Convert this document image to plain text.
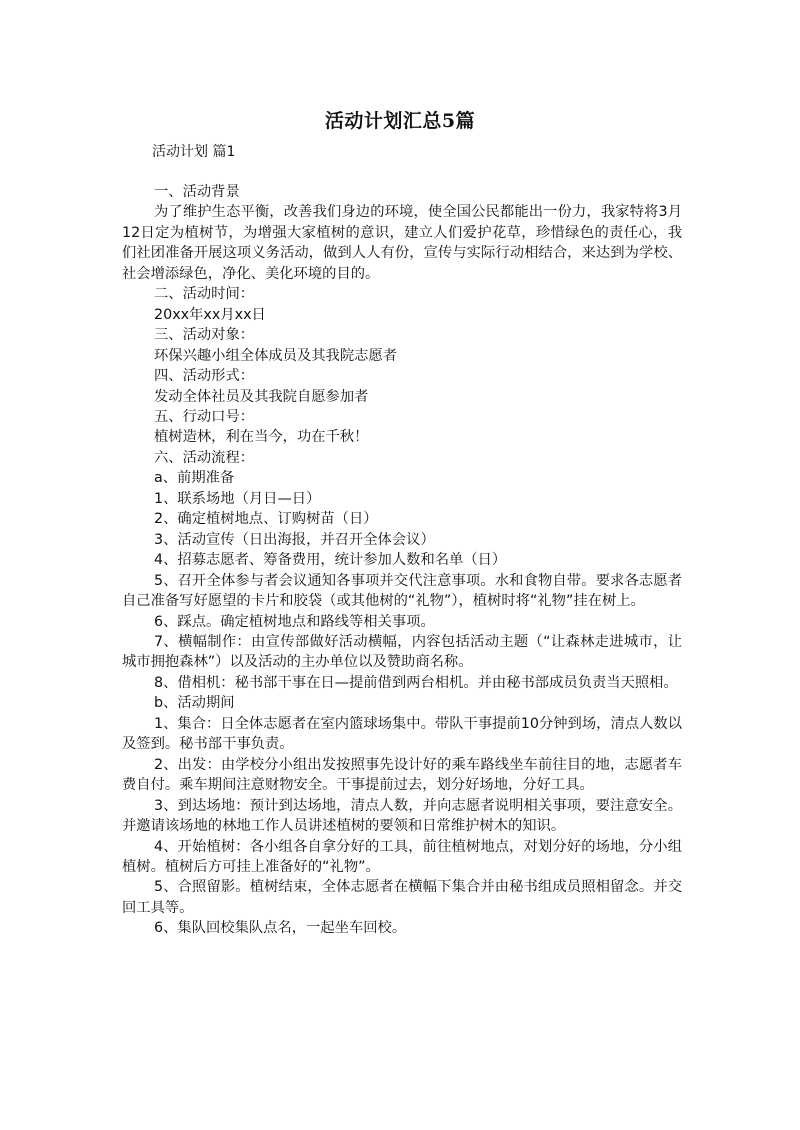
活动计划汇总5篇
活动计划 篇1

一、活动背景

为了维护生态平衡，改善我们身边的环境，使全国公民都能出一份力，我家特将3月12日定为植树节，为增强大家植树的意识，建立人们爱护花草，珍惜绿色的责任心，我们社团准备开展这项义务活动，做到人人有份，宣传与实际行动相结合，来达到为学校、社会增添绿色，净化、美化环境的目的。

二、活动时间：

20xx年xx月xx日

三、活动对象：

环保兴趣小组全体成员及其我院志愿者

四、活动形式：

发动全体社员及其我院自愿参加者

五、行动口号：

植树造林，利在当今，功在千秋！

六、活动流程：

a、前期准备

1、联系场地（月日—日）

2、确定植树地点、订购树苗（日）

3、活动宣传（日出海报，并召开全体会议）

4、招募志愿者、筹备费用，统计参加人数和名单（日）

5、召开全体参与者会议通知各事项并交代注意事项。水和食物自带。要求各志愿者自己准备写好愿望的卡片和胶袋（或其他树的“礼物”），植树时将“礼物”挂在树上。

6、踩点。确定植树地点和路线等相关事项。

7、横幅制作：由宣传部做好活动横幅，内容包括活动主题（“让森林走进城市，让城市拥抱森林”）以及活动的主办单位以及赞助商名称。

8、借相机：秘书部干事在日—提前借到两台相机。并由秘书部成员负责当天照相。

b、活动期间

1、集合：日全体志愿者在室内篮球场集中。带队干事提前10分钟到场，清点人数以及签到。秘书部干事负责。

2、出发：由学校分小组出发按照事先设计好的乘车路线坐车前往目的地，志愿者车费自付。乘车期间注意财物安全。干事提前过去，划分好场地，分好工具。

3、到达场地：预计到达场地，清点人数，并向志愿者说明相关事项，要注意安全。并邀请该场地的林地工作人员讲述植树的要领和日常维护树木的知识。

4、开始植树：各小组各自拿分好的工具，前往植树地点，对划分好的场地，分小组植树。植树后方可挂上准备好的“礼物”。

5、合照留影。植树结束，全体志愿者在横幅下集合并由秘书组成员照相留念。并交回工具等。

6、集队回校集队点名，一起坐车回校。
